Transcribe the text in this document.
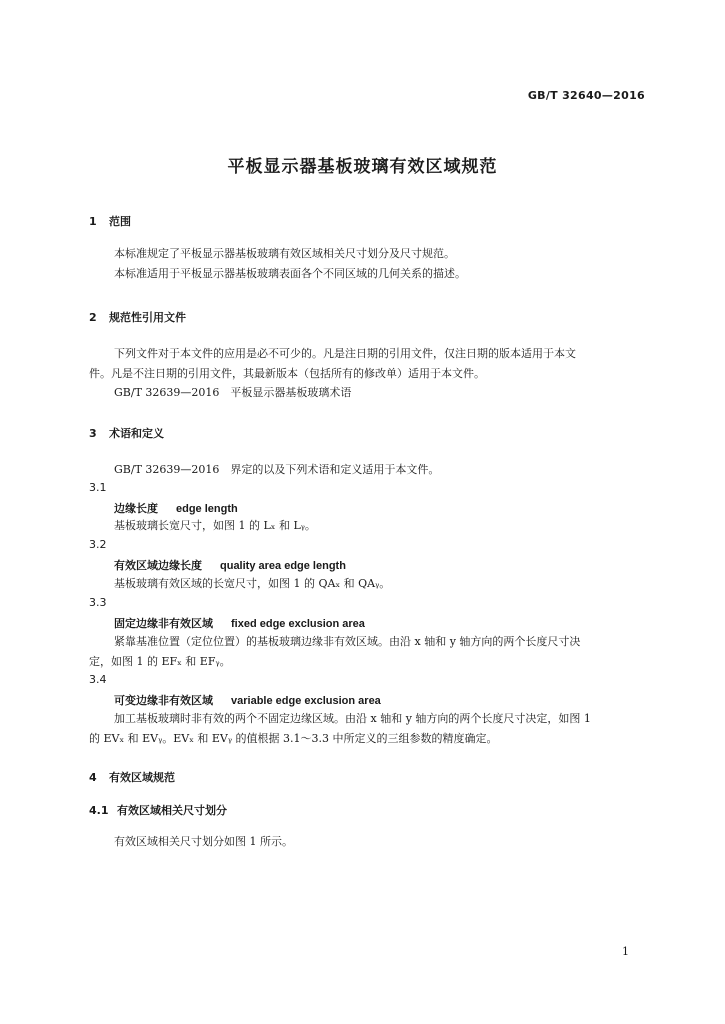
GB/T 32640—2016
平板显示器基板玻璃有效区域规范
1 范围
本标准规定了平板显示器基板玻璃有效区域相关尺寸划分及尺寸规范。
本标准适用于平板显示器基板玻璃表面各个不同区域的几何关系的描述。
2 规范性引用文件
下列文件对于本文件的应用是必不可少的。凡是注日期的引用文件，仅注日期的版本适用于本文
件。凡是不注日期的引用文件，其最新版本（包括所有的修改单）适用于本文件。
GB/T 32639—2016　平板显示器基板玻璃术语
3 术语和定义
GB/T 32639—2016　界定的以及下列术语和定义适用于本文件。
3.1
边缘长度 edge length
基板玻璃长宽尺寸，如图 1 的 Lₓ 和 Lᵧ。
3.2
有效区域边缘长度 quality area edge length
基板玻璃有效区域的长宽尺寸，如图 1 的 QAₓ 和 QAᵧ。
3.3
固定边缘非有效区域 fixed edge exclusion area
紧靠基准位置（定位位置）的基板玻璃边缘非有效区域。由沿 x 轴和 y 轴方向的两个长度尺寸决
定，如图 1 的 EFₓ 和 EFᵧ。
3.4
可变边缘非有效区域 variable edge exclusion area
加工基板玻璃时非有效的两个不固定边缘区域。由沿 x 轴和 y 轴方向的两个长度尺寸决定，如图 1
的 EVₓ 和 EVᵧ。EVₓ 和 EVᵧ 的值根据 3.1～3.3 中所定义的三组参数的精度确定。
4 有效区域规范
4.1 有效区域相关尺寸划分
有效区域相关尺寸划分如图 1 所示。
1
